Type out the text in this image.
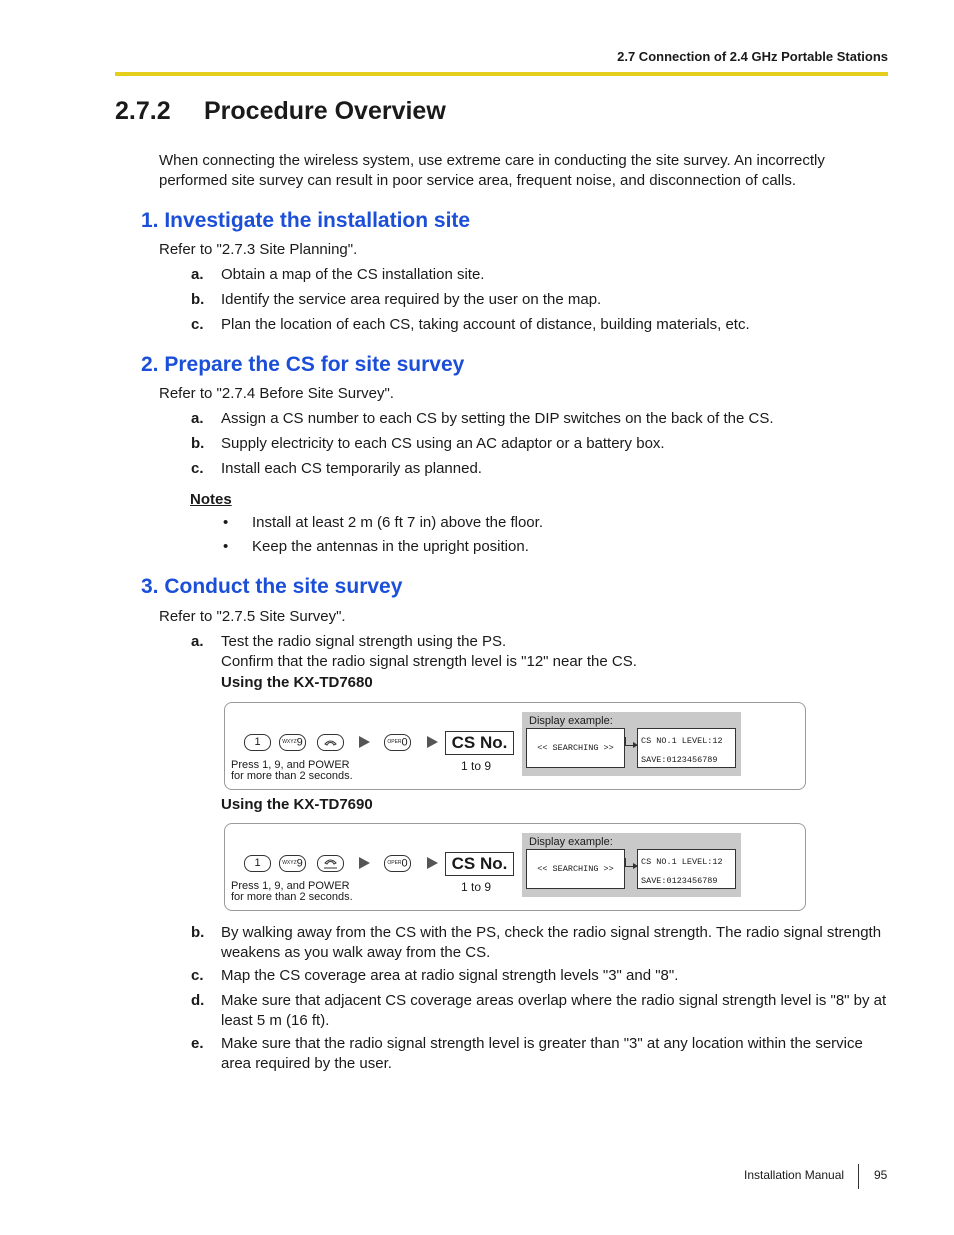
2.7 Connection of 2.4 GHz Portable Stations
2.7.2 Procedure Overview
When connecting the wireless system, use extreme care in conducting the site survey. An incorrectly performed site survey can result in poor service area, frequent noise, and disconnection of calls.
1. Investigate the installation site
Refer to "2.7.3 Site Planning".
a. Obtain a map of the CS installation site.
b. Identify the service area required by the user on the map.
c. Plan the location of each CS, taking account of distance, building materials, etc.
2. Prepare the CS for site survey
Refer to "2.7.4 Before Site Survey".
a. Assign a CS number to each CS by setting the DIP switches on the back of the CS.
b. Supply electricity to each CS using an AC adaptor or a battery box.
c. Install each CS temporarily as planned.
Notes
• Install at least 2 m (6 ft 7 in) above the floor.
• Keep the antennas in the upright position.
3. Conduct the site survey
Refer to "2.7.5 Site Survey".
a. Test the radio signal strength using the PS.
Confirm that the radio signal strength level is "12" near the CS.
Using the KX-TD7680
1	WXYZ9	OPER0	CS No.
Press 1, 9, and POWER
for more than 2 seconds.
1 to 9
Display example:
<< SEARCHING >>
CS NO.1 LEVEL:12
SAVE:0123456789
Using the KX-TD7690
1	WXYZ9	OPER0	CS No.
Press 1, 9, and POWER
for more than 2 seconds.
1 to 9
Display example:
<< SEARCHING >>
CS NO.1 LEVEL:12
SAVE:0123456789
b. By walking away from the CS with the PS, check the radio signal strength. The radio signal strength weakens as you walk away from the CS.
c. Map the CS coverage area at radio signal strength levels "3" and "8".
d. Make sure that adjacent CS coverage areas overlap where the radio signal strength level is "8" by at least 5 m (16 ft).
e. Make sure that the radio signal strength level is greater than "3" at any location within the service area required by the user.
Installation Manual 95
